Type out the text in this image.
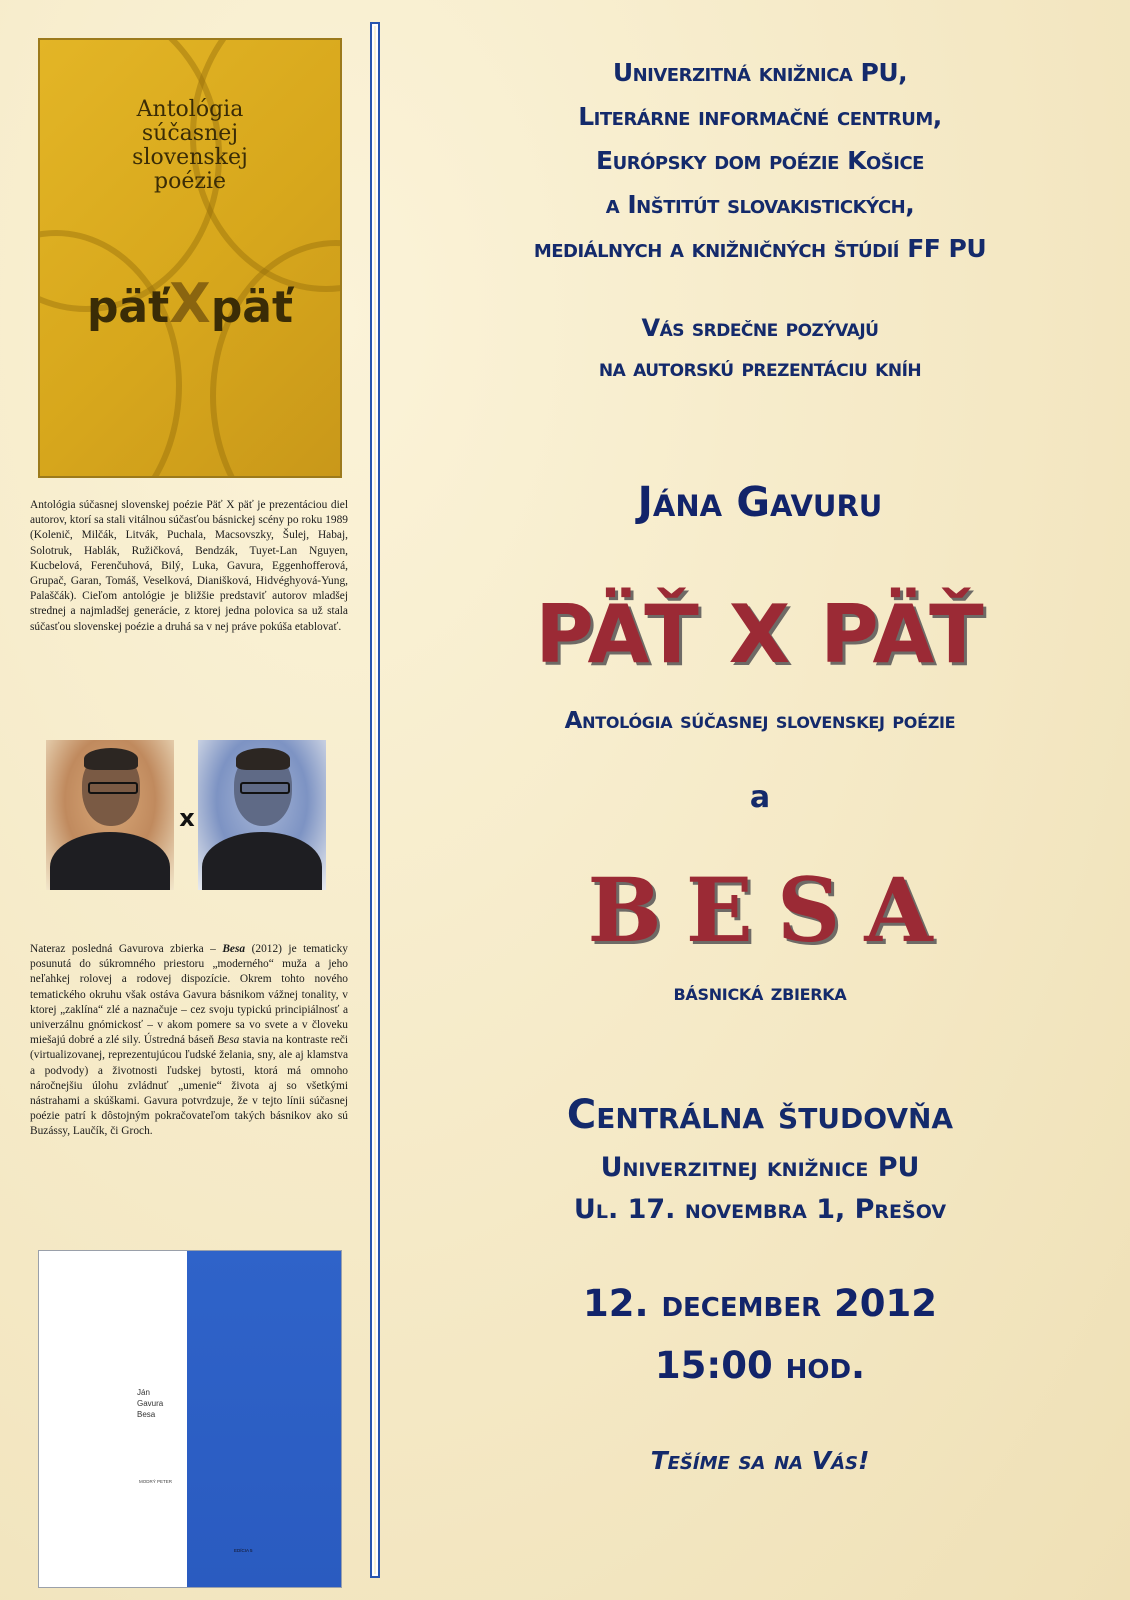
Antológia
súčasnej
slovenskej
poézie
päťXpäť

Antológia súčasnej slovenskej poézie Päť X päť je prezentáciou diel autorov, ktorí sa stali vitálnou súčasťou básnickej scény po roku 1989 (Kolenič, Milčák, Litvák, Puchala, Macsovszky, Šulej, Habaj, Solotruk, Hablák, Ružičková, Bendzák, Tuyet-Lan Nguyen, Kucbelová, Ferenčuhová, Bilý, Luka, Gavura, Eggenhofferová, Grupač, Garan, Tomáš, Veselková, Dianišková, Hidvéghyová-Yung, Palaščák). Cieľom antológie je bližšie predstaviť autorov mladšej strednej a najmladšej generácie, z ktorej jedna polovica sa už stala súčasťou slovenskej poézie a druhá sa v nej práve pokúša etablovať.

x

Nateraz posledná Gavurova zbierka – Besa (2012) je tematicky posunutá do súkromného priestoru „moderného“ muža a jeho neľahkej rolovej a rodovej dispozície. Okrem tohto nového tematického okruhu však ostáva Gavura básnikom vážnej tonality, v ktorej „zaklína“ zlé a naznačuje – cez svoju typickú principiálnosť a univerzálnu gnómickosť – v akom pomere sa vo svete a v človeku miešajú dobré a zlé sily. Ústredná báseň Besa stavia na kontraste reči (virtualizovanej, reprezentujúcou ľudské želania, sny, ale aj klamstva a podvody) a životnosti ľudskej bytosti, ktorá má omnoho náročnejšiu úlohu zvládnuť „umenie“ života aj so všetkými nástrahami a skúškami. Gavura potvrdzuje, že v tejto línii súčasnej poézie patrí k dôstojným pokračovateľom takých básnikov ako sú Buzássy, Laučík, či Groch.

Ján
Gavura
Besa
MODRÝ PETER
EDÍCIA 5
Univerzitná knižnica PU,
Literárne informačné centrum,
Európsky dom poézie Košice
a Inštitút slovakistických,
mediálnych a knižničných štúdií FF PU
Vás srdečne pozývajú
na autorskú prezentáciu kníh
Jána Gavuru
PÄŤ X PÄŤ
Antológia súčasnej slovenskej poézie
a
BESA
básnická zbierka
Centrálna študovňa
Univerzitnej knižnice PU
Ul. 17. novembra 1, Prešov
12. december 2012
15:00 hod.
Tešíme sa na Vás!
